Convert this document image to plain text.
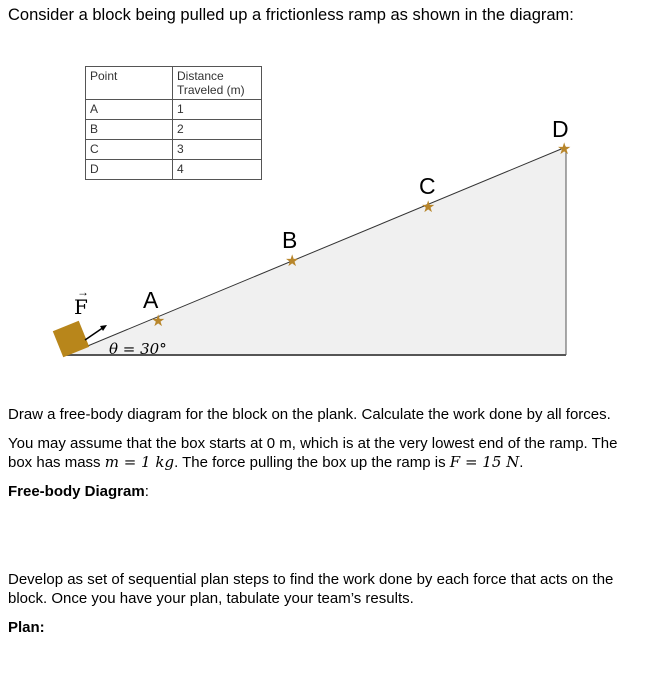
Consider a block being pulled up a frictionless ramp as shown in the diagram:
Point	Distance Traveled (m)
A	1
B	2
C	3
D	4
F
→
θ = 30°
A
B
C
D
★
★
★
★

Draw a free-body diagram for the block on the plank. Calculate the work done by all forces.

You may assume that the box starts at 0 m, which is at the very lowest end of the ramp. The box has mass m = 1 kg. The force pulling the box up the ramp is F = 15 N.

Free-body Diagram:

Develop as set of sequential plan steps to find the work done by each force that acts on the block. Once you have your plan, tabulate your team’s results.

Plan:
